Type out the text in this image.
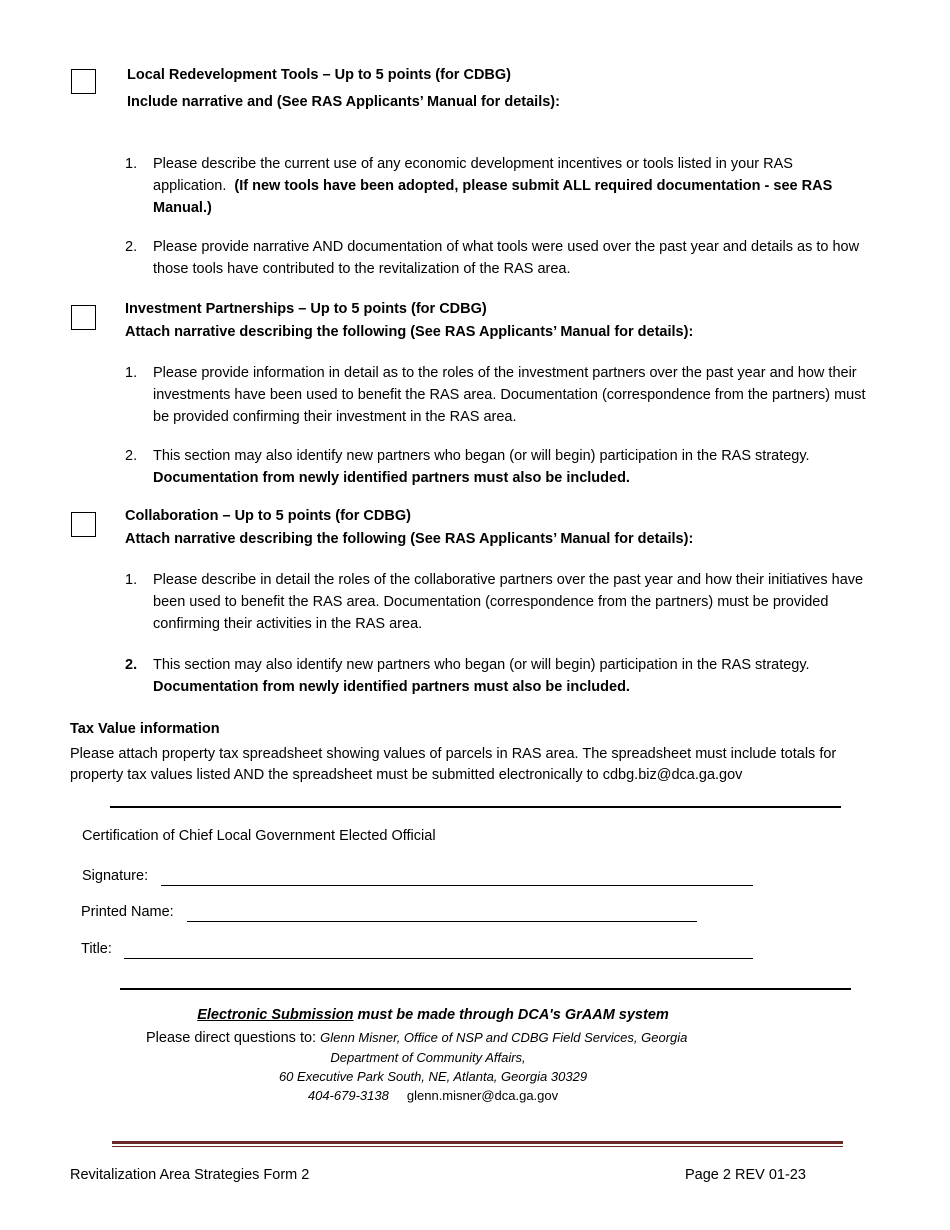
Local Redevelopment Tools – Up to 5 points (for CDBG)
Include narrative and (See RAS Applicants’ Manual for details):
1. Please describe the current use of any economic development incentives or tools listed in your RAS application. (If new tools have been adopted, please submit ALL required documentation - see RAS Manual.)
2. Please provide narrative AND documentation of what tools were used over the past year and details as to how those tools have contributed to the revitalization of the RAS area.
Investment Partnerships – Up to 5 points (for CDBG)
Attach narrative describing the following (See RAS Applicants’ Manual for details):
1. Please provide information in detail as to the roles of the investment partners over the past year and how their investments have been used to benefit the RAS area. Documentation (correspondence from the partners) must be provided confirming their investment in the RAS area.
2. This section may also identify new partners who began (or will begin) participation in the RAS strategy. Documentation from newly identified partners must also be included.
Collaboration – Up to 5 points (for CDBG)
Attach narrative describing the following (See RAS Applicants’ Manual for details):
1. Please describe in detail the roles of the collaborative partners over the past year and how their initiatives have been used to benefit the RAS area. Documentation (correspondence from the partners) must be provided confirming their activities in the RAS area.
2. This section may also identify new partners who began (or will begin) participation in the RAS strategy. Documentation from newly identified partners must also be included.
Tax Value information
Please attach property tax spreadsheet showing values of parcels in RAS area. The spreadsheet must include totals for property tax values listed AND the spreadsheet must be submitted electronically to cdbg.biz@dca.ga.gov
Certification of Chief Local Government Elected Official
Signature:
Printed Name:
Title:
Electronic Submission must be made through DCA's GrAAM system
Please direct questions to: Glenn Misner, Office of NSP and CDBG Field Services, Georgia
Department of Community Affairs,
60 Executive Park South, NE, Atlanta, Georgia 30329
404-679-3138 glenn.misner@dca.ga.gov
Revitalization Area Strategies Form 2	Page 2 REV 01-23
